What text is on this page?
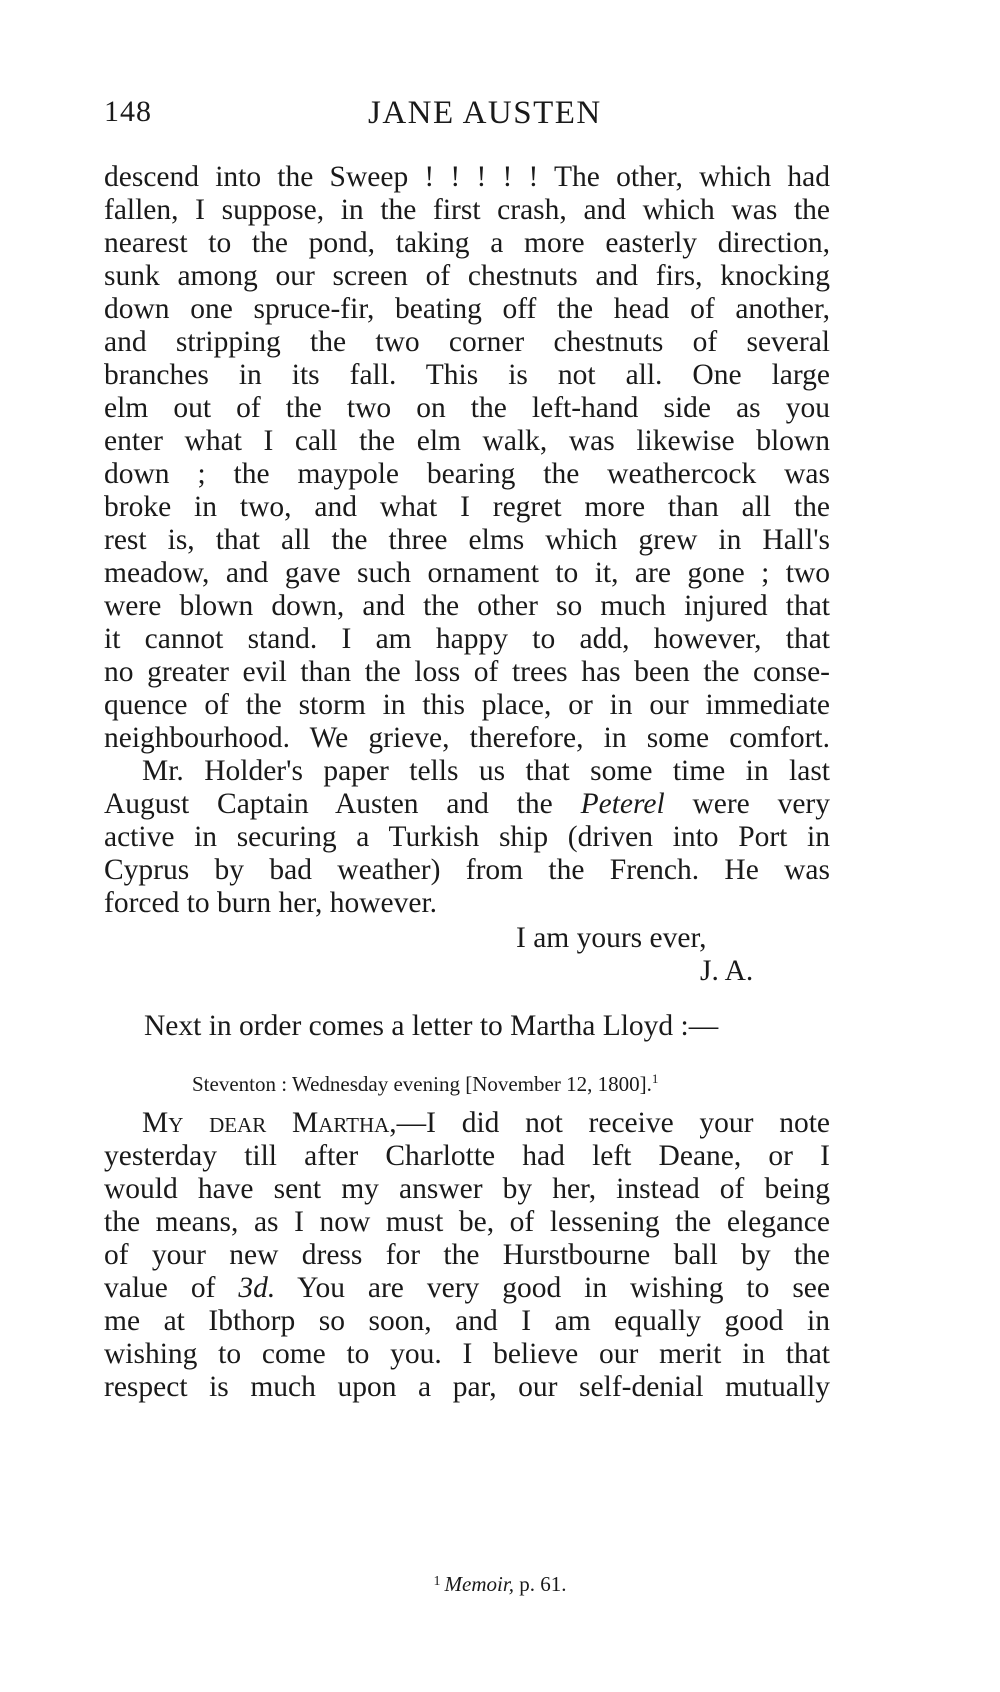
148	JANE AUSTEN

descend into the Sweep ! ! ! ! ! The other, which had

fallen, I suppose, in the first crash, and which was the

nearest to the pond, taking a more easterly direction,

sunk among our screen of chestnuts and firs, knocking

down one spruce-fir, beating off the head of another,

and stripping the two corner chestnuts of several

branches in its fall. This is not all. One large

elm out of the two on the left-hand side as you

enter what I call the elm walk, was likewise blown

down ; the maypole bearing the weathercock was

broke in two, and what I regret more than all the

rest is, that all the three elms which grew in Hall's

meadow, and gave such ornament to it, are gone ; two

were blown down, and the other so much injured that

it cannot stand. I am happy to add, however, that

no greater evil than the loss of trees has been the conse-

quence of the storm in this place, or in our immediate

neighbourhood. We grieve, therefore, in some comfort.

Mr. Holder's paper tells us that some time in last

August Captain Austen and the Peterel were very

active in securing a Turkish ship (driven into Port in

Cyprus by bad weather) from the French. He was

forced to burn her, however.

I am yours ever,

J. A.

Next in order comes a letter to Martha Lloyd :—

Steventon : Wednesday evening [November 12, 1800].$^1$

My dear Martha,—I did not receive your note

yesterday till after Charlotte had left Deane, or I

would have sent my answer by her, instead of being

the means, as I now must be, of lessening the elegance

of your new dress for the Hurstbourne ball by the

value of 3d. You are very good in wishing to see

me at Ibthorp so soon, and I am equally good in

wishing to come to you. I believe our merit in that

respect is much upon a par, our self-denial mutually

$^1$ Memoir, p. 61.
